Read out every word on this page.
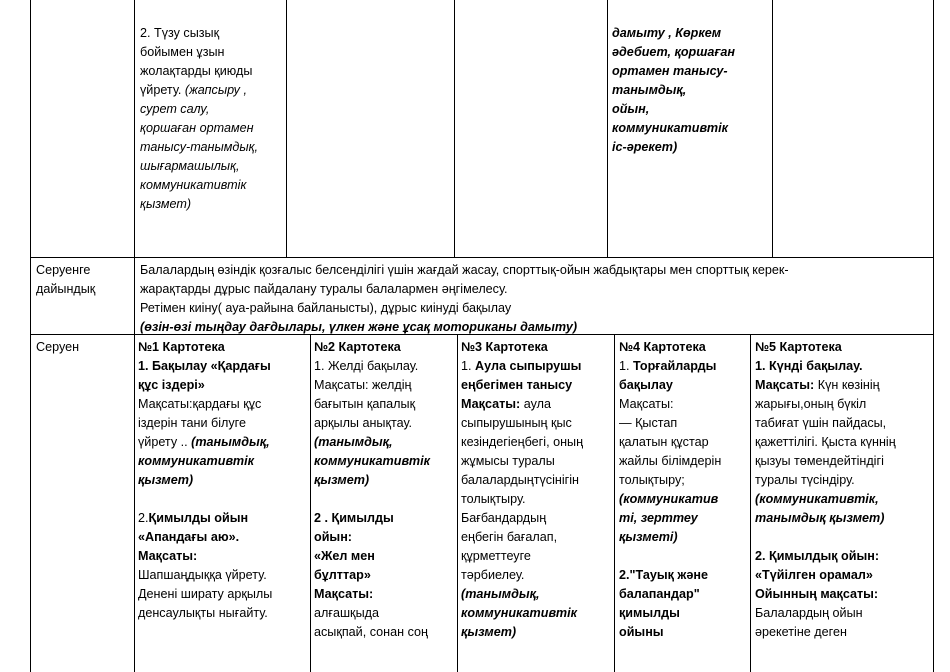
2. Түзу сызық
бойымен ұзын
жолақтарды қиюды
үйрету. (жапсыру ,
сурет салу,
қоршаған ортамен
танысу-танымдық,
шығармашылық,
коммуникативтік
қызмет)
дамыту , Көркем
әдебиет, қоршаған
ортамен танысу-
танымдық,
ойын,
коммуникативтік
іс-әрекет)
Серуенге
дайындық
Балалардың өзіндік қозғалыс белсенділігі үшін жағдай жасау, спорттық-ойын жабдықтары мен спорттық керек-
жарақтарды дұрыс пайдалану туралы балалармен әңгімелесу.
Ретімен киіну( ауа-райына байланысты), дұрыс киінуді бақылау
(өзін-өзі тыңдау дағдылары, үлкен және ұсақ моториканы дамыту)
Серуен	№1 Картотека
1. Бақылау «Қардағы
құс іздері»
Мақсаты:қардағы құс
іздерін тани білуге
үйрету .. (танымдық,
коммуникативтік
қызмет)

2.Қимылды ойын
«Апандағы аю».
Мақсаты:
Шапшаңдыққа үйрету.
Денені ширату арқылы
денсаулықты нығайту.
№2 Картотека
1. Желді бақылау.
Мақсаты: желдің
бағытын қапалық
арқылы анықтау.
(танымдық,
коммуникативтік
қызмет)

2 . Қимылды
ойын:
«Жел мен
бұлттар»
Мақсаты:
алғашқыда
асықпай, сонан соң
№3 Картотека
1. Аула сыпырушы
еңбегімен танысу
Мақсаты: аула
сыпырушының қыс
кезіндегіеңбегі, оның
жұмысы туралы
балалардыңтүсінігін
толықтыру.
Бағбандардың
еңбегін бағалап,
құрметтеуге
тәрбиелеу.
(танымдық,
коммуникативтік
қызмет)
№4 Картотека
1. Торғайларды
бақылау
Мақсаты:
— Қыстап
қалатын құстар
жайлы білімдерін
толықтыру;
(коммуникатив
ті, зерттеу
қызметі)

2."Тауық және
балапандар"
қимылды
ойыны
№5 Картотека
1. Күнді бақылау.
Мақсаты: Күн көзінің
жарығы,оның бүкіл
табиғат үшін пайдасы,
қажеттілігі. Қыста күннің
қызуы төмендейтіндігі
туралы түсіндіру.
(коммуникативтік,
танымдық қызмет)

2. Қимылдық ойын:
«Түйілген орамал»
Ойынның мақсаты:
Балалардың ойын
әрекетіне деген
